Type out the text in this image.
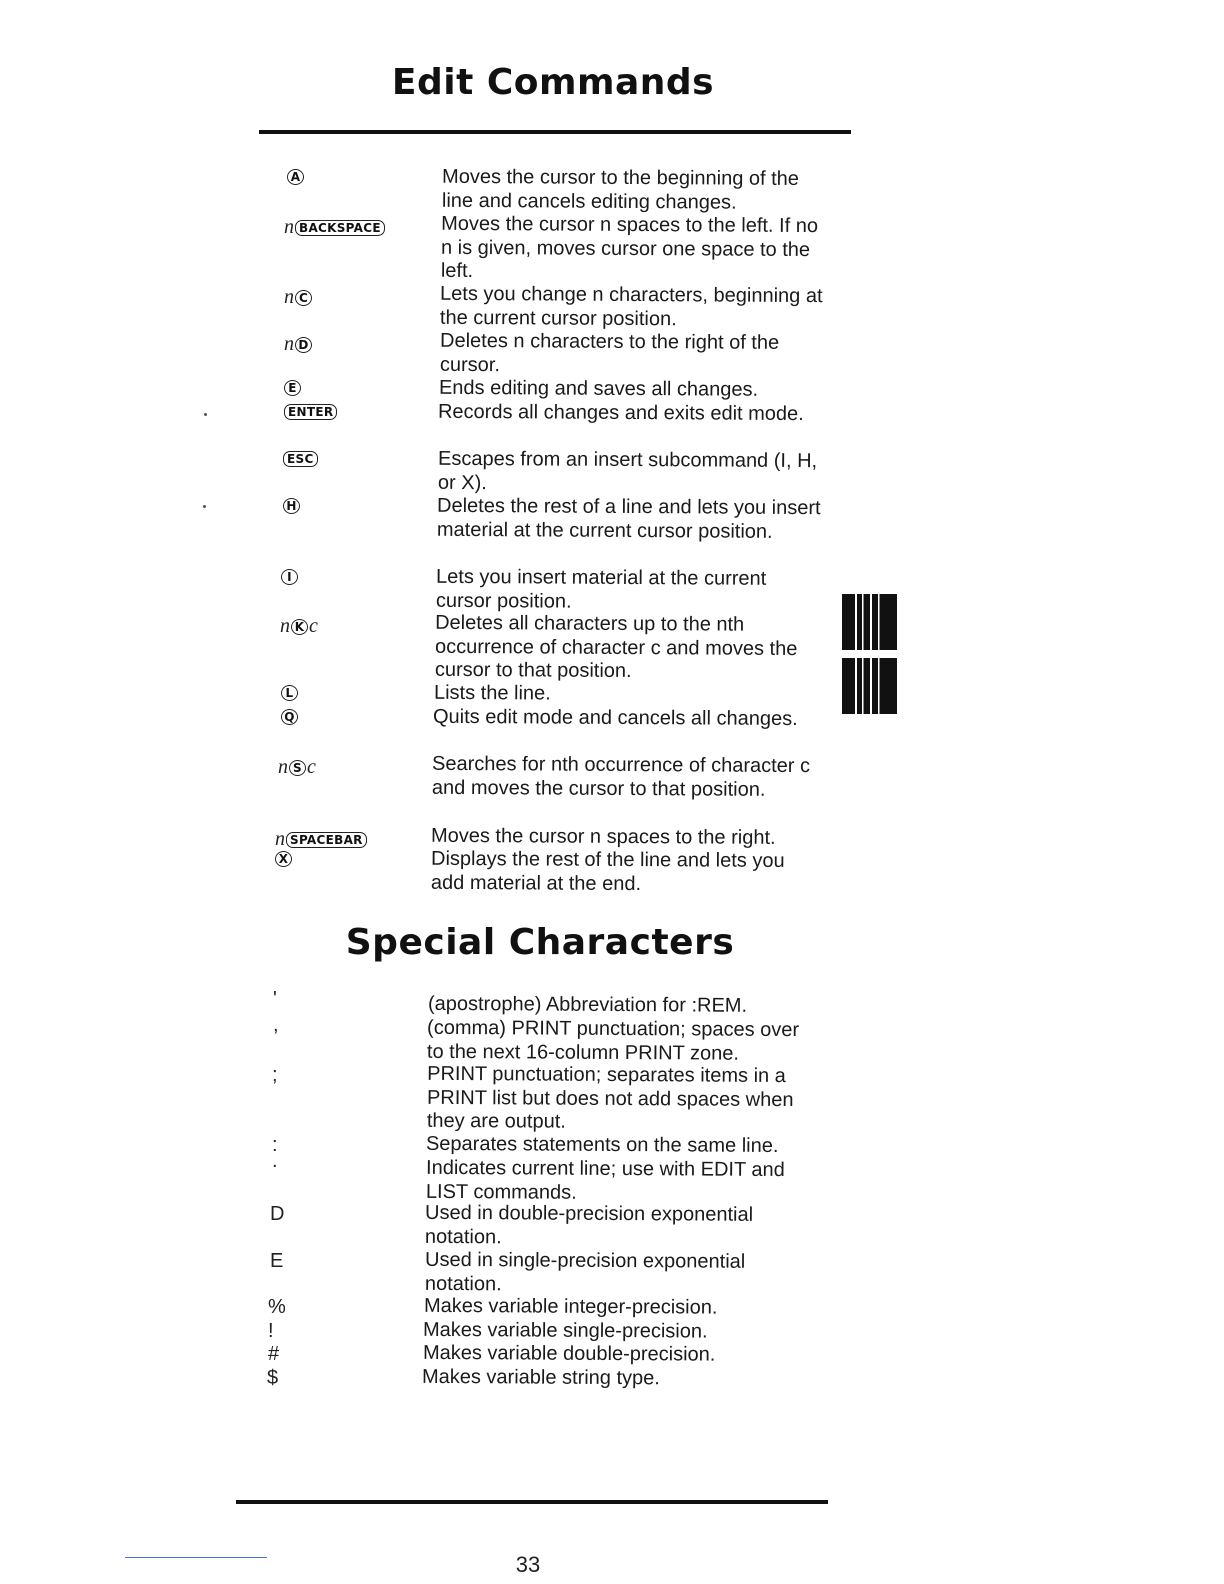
Edit Commands
A	Moves the cursor to the beginning of the line and cancels editing changes.
n BACKSPACE	Moves the cursor n spaces to the left. If no n is given, moves cursor one space to the left.
n C	Lets you change n characters, beginning at the current cursor position.
n D	Deletes n characters to the right of the cursor.
E	Ends editing and saves all changes.
ENTER	Records all changes and exits edit mode.
ESC	Escapes from an insert subcommand (I, H, or X).
H	Deletes the rest of a line and lets you insert material at the current cursor position.
I	Lets you insert material at the current cursor position.
n K c	Deletes all characters up to the nth occurrence of character c and moves the cursor to that position.
L	Lists the line.
Q	Quits edit mode and cancels all changes.
n S c	Searches for nth occurrence of character c and moves the cursor to that position.
n SPACEBAR	Moves the cursor n spaces to the right.
X	Displays the rest of the line and lets you add material at the end.
Special Characters
'	(apostrophe) Abbreviation for :REM.
,	(comma) PRINT punctuation; spaces over to the next 16-column PRINT zone.
;	PRINT punctuation; separates items in a PRINT list but does not add spaces when they are output.
:	Separates statements on the same line.
.	Indicates current line; use with EDIT and LIST commands.
D	Used in double-precision exponential notation.
E	Used in single-precision exponential notation.
%	Makes variable integer-precision.
!	Makes variable single-precision.
#	Makes variable double-precision.
$	Makes variable string type.
33
